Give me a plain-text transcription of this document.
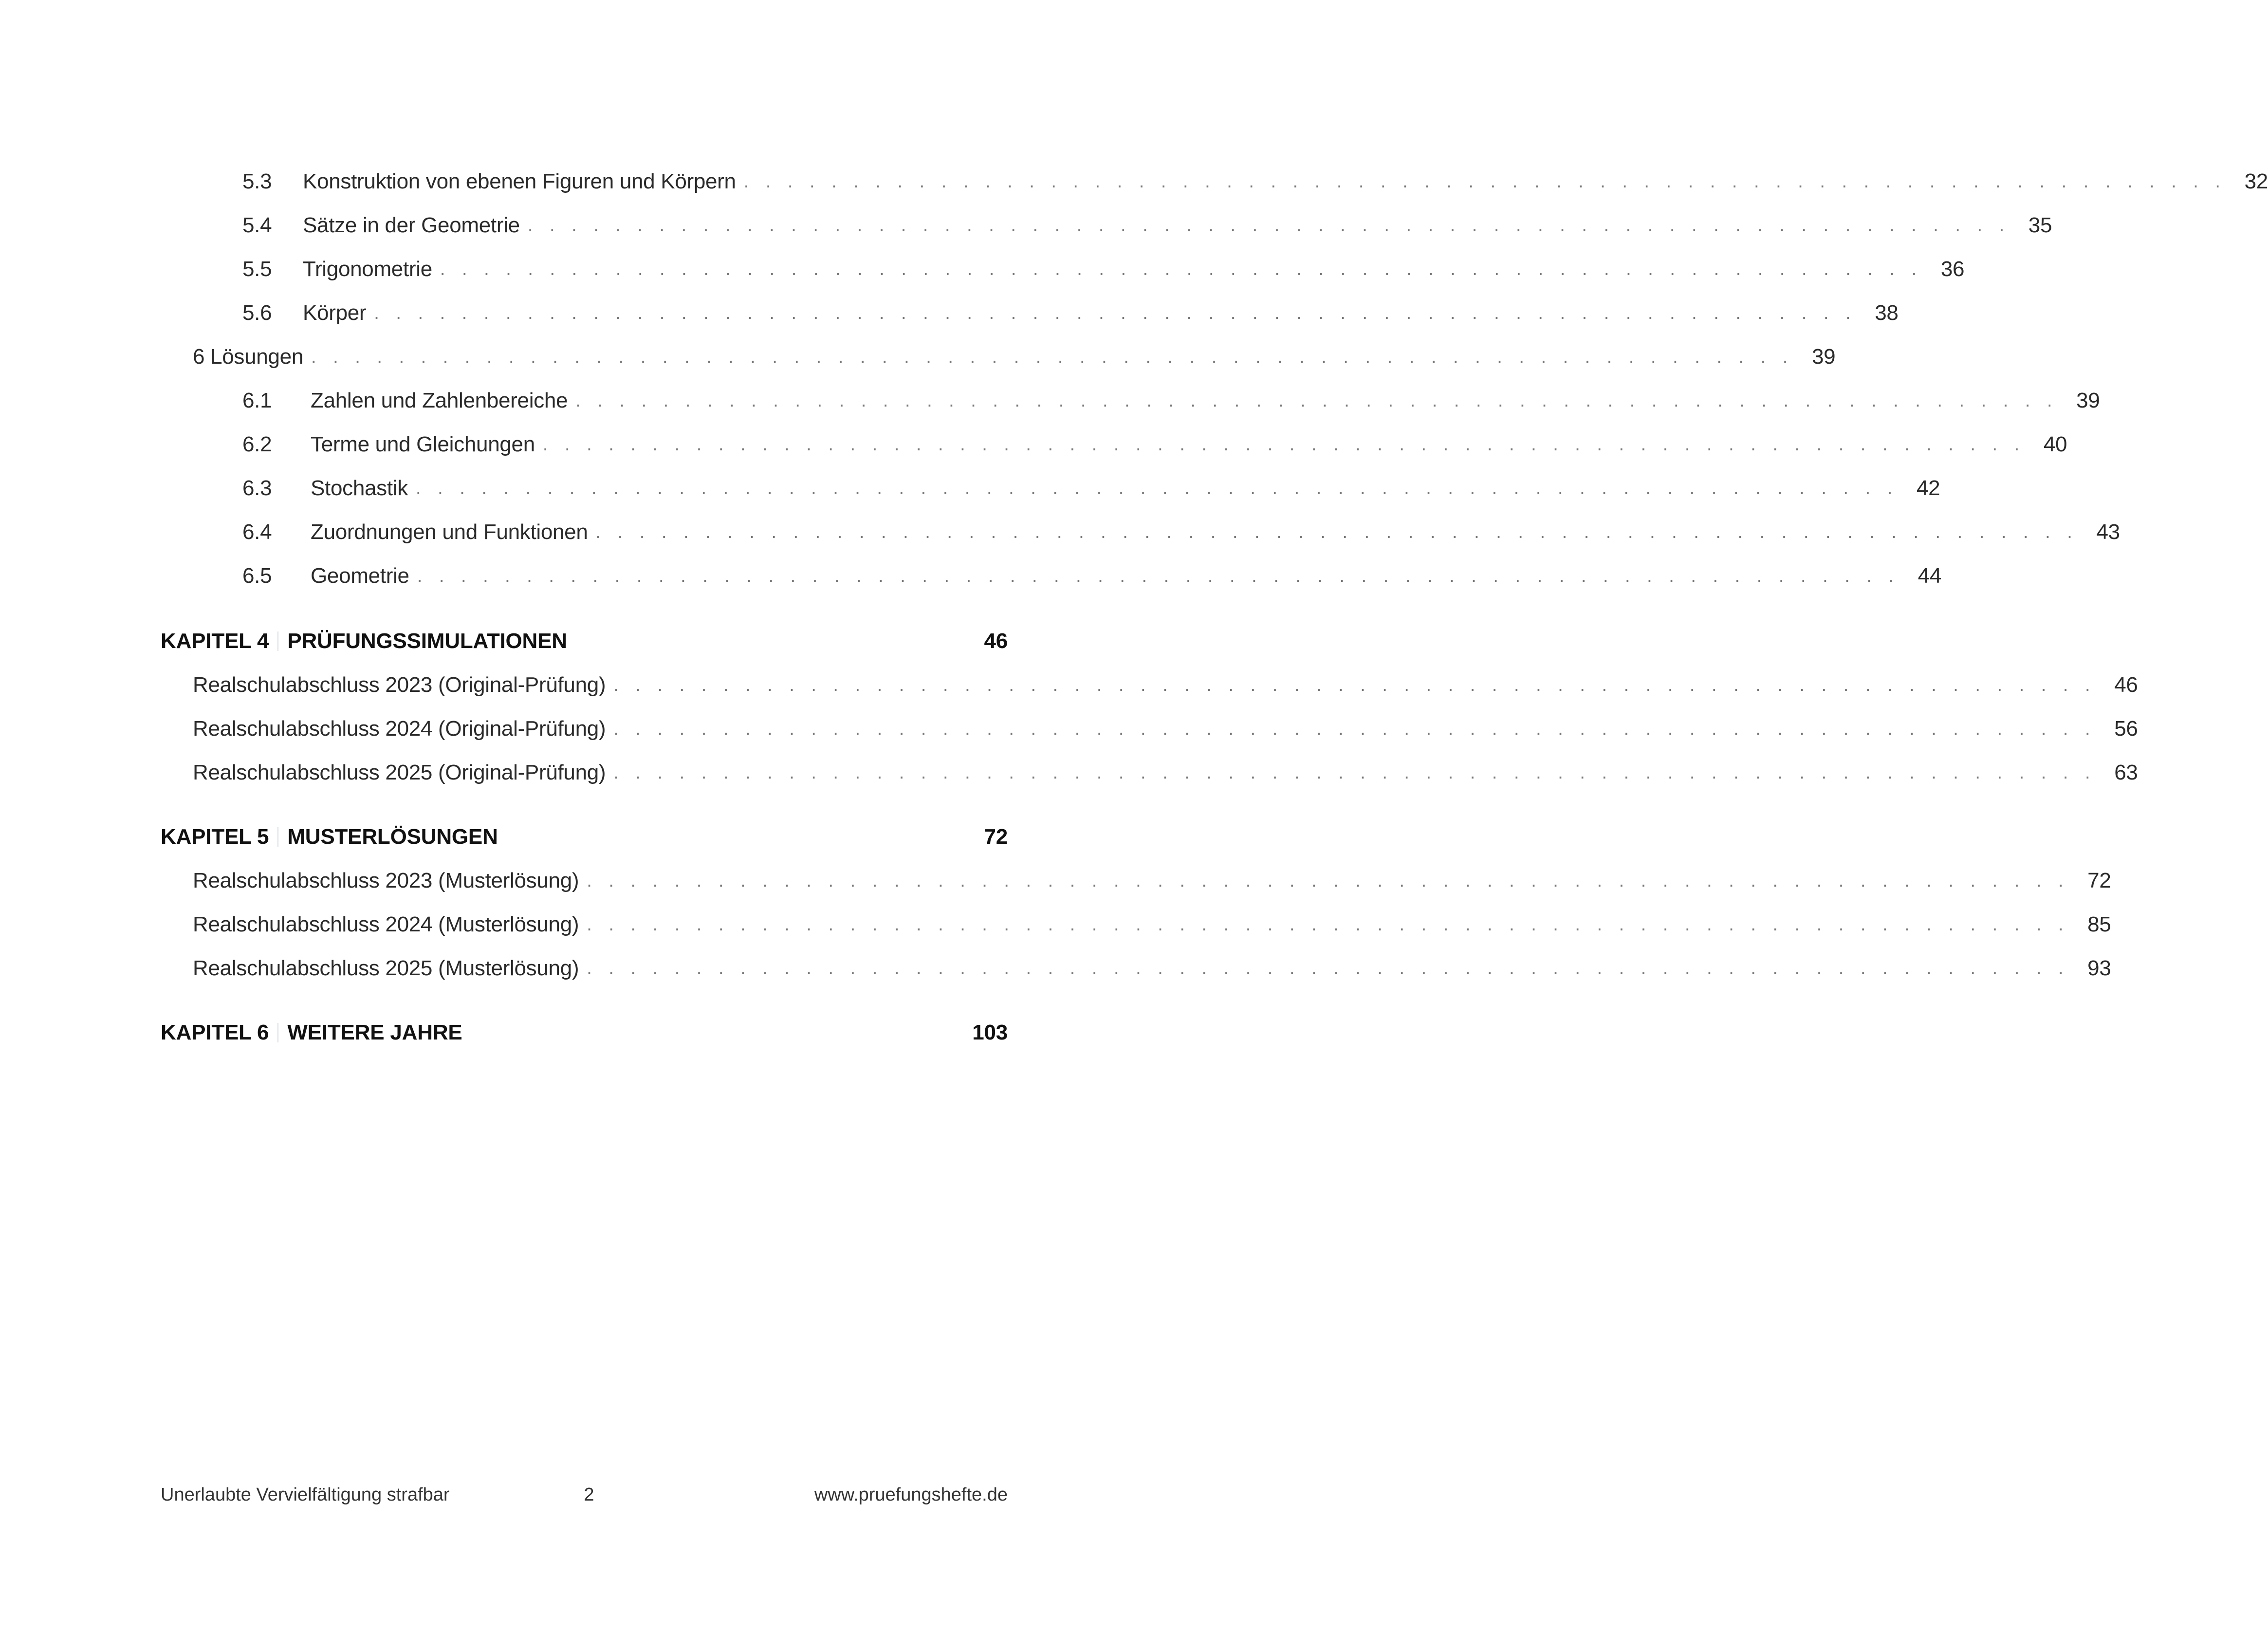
5.3	Konstruktion von ebenen Figuren und Körpern . . . . . . . . . . . . . . . . . . . . . . . . . . . . . . . . . . . . . . . . . . . . . . . . . . . . . . . . . . . . . . . . . . . . 32
5.4	Sätze in der Geometrie . . . . . . . . . . . . . . . . . . . . . . . . . . . . . . . . . . . . . . . . . . . . . . . . . . . . . . . . . . . . . . . . . . . . 35
5.5	Trigonometrie . . . . . . . . . . . . . . . . . . . . . . . . . . . . . . . . . . . . . . . . . . . . . . . . . . . . . . . . . . . . . . . . . . . . 36
5.6	Körper . . . . . . . . . . . . . . . . . . . . . . . . . . . . . . . . . . . . . . . . . . . . . . . . . . . . . . . . . . . . . . . . . . . . 38
6 Lösungen . . . . . . . . . . . . . . . . . . . . . . . . . . . . . . . . . . . . . . . . . . . . . . . . . . . . . . . . . . . . . . . . . . . . 39
6.1	Zahlen und Zahlenbereiche . . . . . . . . . . . . . . . . . . . . . . . . . . . . . . . . . . . . . . . . . . . . . . . . . . . . . . . . . . . . . . . . . . . . 39
6.2	Terme und Gleichungen . . . . . . . . . . . . . . . . . . . . . . . . . . . . . . . . . . . . . . . . . . . . . . . . . . . . . . . . . . . . . . . . . . . . 40
6.3	Stochastik . . . . . . . . . . . . . . . . . . . . . . . . . . . . . . . . . . . . . . . . . . . . . . . . . . . . . . . . . . . . . . . . . . . . 42
6.4	Zuordnungen und Funktionen . . . . . . . . . . . . . . . . . . . . . . . . . . . . . . . . . . . . . . . . . . . . . . . . . . . . . . . . . . . . . . . . . . . . 43
6.5	Geometrie . . . . . . . . . . . . . . . . . . . . . . . . . . . . . . . . . . . . . . . . . . . . . . . . . . . . . . . . . . . . . . . . . . . . 44
KAPITEL 4 PRÜFUNGSSIMULATIONEN	46
Realschulabschluss 2023 (Original-Prüfung) . . . . . . . . . . . . . . . . . . . . . . . . . . . . . . . . . . . . . . . . . . . . . . . . . . . . . . . . . . . . . . . . . . . . 46
Realschulabschluss 2024 (Original-Prüfung) . . . . . . . . . . . . . . . . . . . . . . . . . . . . . . . . . . . . . . . . . . . . . . . . . . . . . . . . . . . . . . . . . . . . 56
Realschulabschluss 2025 (Original-Prüfung) . . . . . . . . . . . . . . . . . . . . . . . . . . . . . . . . . . . . . . . . . . . . . . . . . . . . . . . . . . . . . . . . . . . . 63
KAPITEL 5 MUSTERLÖSUNGEN	72
Realschulabschluss 2023 (Musterlösung) . . . . . . . . . . . . . . . . . . . . . . . . . . . . . . . . . . . . . . . . . . . . . . . . . . . . . . . . . . . . . . . . . . . . 72
Realschulabschluss 2024 (Musterlösung) . . . . . . . . . . . . . . . . . . . . . . . . . . . . . . . . . . . . . . . . . . . . . . . . . . . . . . . . . . . . . . . . . . . . 85
Realschulabschluss 2025 (Musterlösung) . . . . . . . . . . . . . . . . . . . . . . . . . . . . . . . . . . . . . . . . . . . . . . . . . . . . . . . . . . . . . . . . . . . . 93
KAPITEL 6 WEITERE JAHRE	103
Unerlaubte Vervielfältigung strafbar	2	www.pruefungshefte.de
